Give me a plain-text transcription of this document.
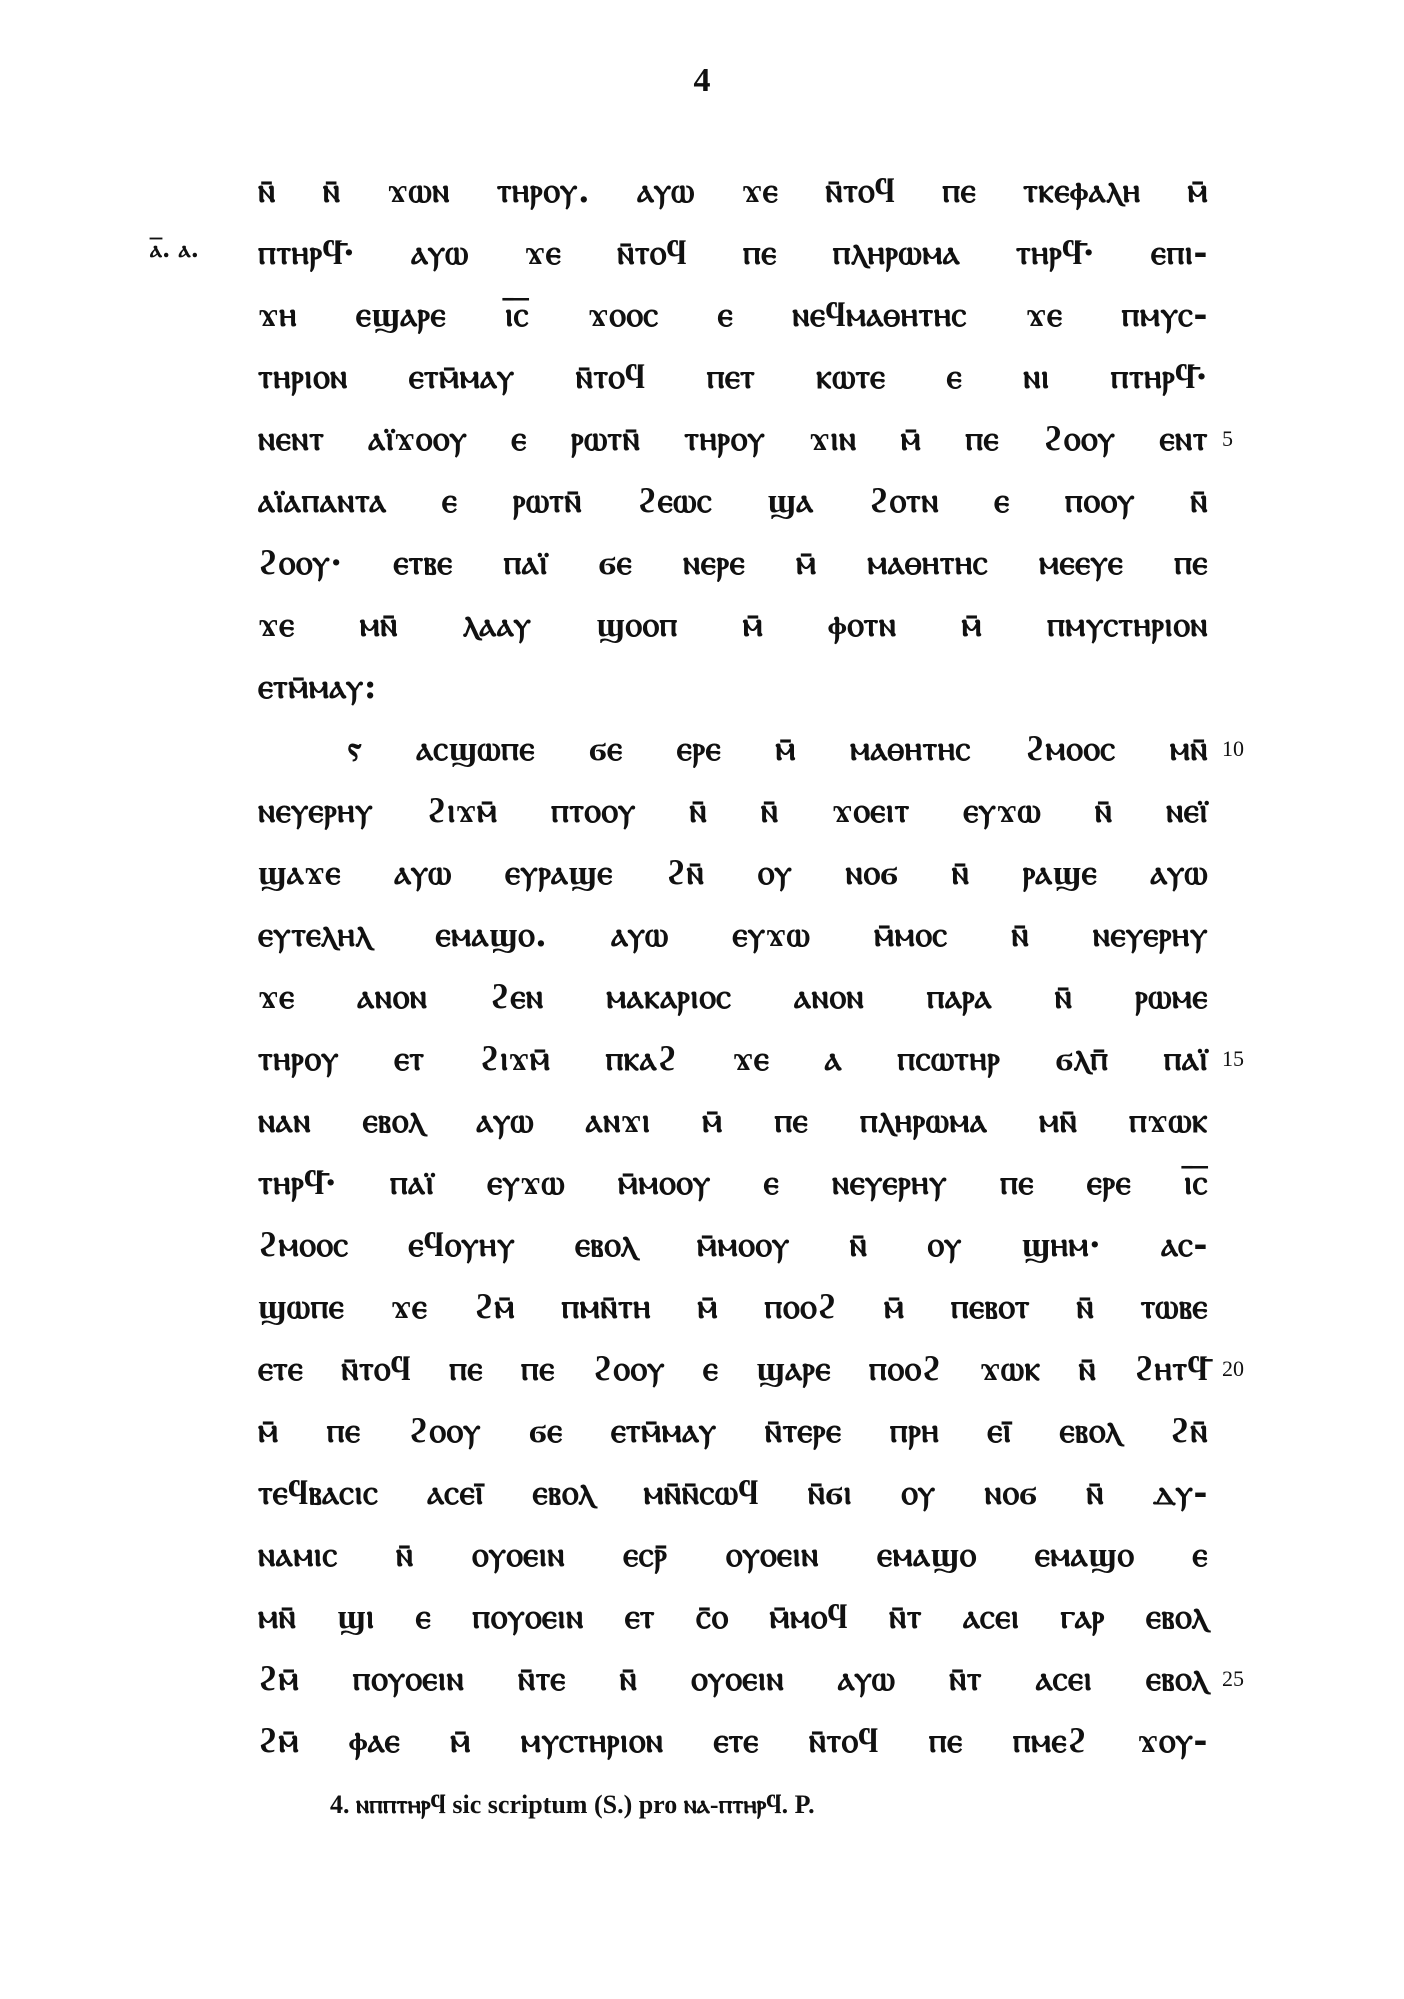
4
ⲁ̅. ⲁ.
ⲛ̄ ⲛ̄ ϫⲱⲛ ⲧⲏⲣⲟⲩ. ⲁⲩⲱ ϫⲉ ⲛ̄ⲧⲟϥ ⲡⲉ ⲧⲕⲉⲫⲁⲗⲏ ⲙ̄
ⲡⲧⲏⲣϥ̄· ⲁⲩⲱ ϫⲉ ⲛ̄ⲧⲟϥ ⲡⲉ ⲡⲗⲏⲣⲱⲙⲁ ⲧⲏⲣϥ̄· ⲉⲡⲓ-
ϫⲏ ⲉϣⲁⲣⲉ ⲓ̅ⲥ̅ ϫⲟⲟⲥ ⲉ ⲛⲉϥⲙⲁⲑⲏⲧⲏⲥ ϫⲉ ⲡⲙⲩⲥ-
ⲧⲏⲣⲓⲟⲛ ⲉⲧⲙ̄ⲙⲁⲩ ⲛ̄ⲧⲟϥ ⲡⲉⲧ ⲕⲱⲧⲉ ⲉ ⲛⲓ ⲡⲧⲏⲣϥ̄·
ⲛⲉⲛⲧ ⲁⲓ̈ϫⲟⲟⲩ ⲉ ⲣⲱⲧⲛ̄ ⲧⲏⲣⲟⲩ ϫⲓⲛ ⲙ̄ ⲡⲉ ϩⲟⲟⲩ ⲉⲛⲧ
ⲁⲓ̈ⲁⲡⲁⲛⲧⲁ ⲉ ⲣⲱⲧⲛ̄ ϩⲉⲱⲥ ϣⲁ ϩⲟⲧⲛ ⲉ ⲡⲟⲟⲩ ⲛ̄
ϩⲟⲟⲩ· ⲉⲧⲃⲉ ⲡⲁⲓ̈ ϭⲉ ⲛⲉⲣⲉ ⲙ̄ ⲙⲁⲑⲏⲧⲏⲥ ⲙⲉⲉⲩⲉ ⲡⲉ
ϫⲉ ⲙⲛ̄ ⲗⲁⲁⲩ ϣⲟⲟⲡ ⲙ̄ ⲫⲟⲧⲛ ⲙ̄ ⲡⲙⲩⲥⲧⲏⲣⲓⲟⲛ
ⲉⲧⲙ̄ⲙⲁⲩ:
ⲋ ⲁⲥϣⲱⲡⲉ ϭⲉ ⲉⲣⲉ ⲙ̄ ⲙⲁⲑⲏⲧⲏⲥ ϩⲙⲟⲟⲥ ⲙⲛ̄
ⲛⲉⲩⲉⲣⲏⲩ ϩⲓϫⲙ̄ ⲡⲧⲟⲟⲩ ⲛ̄ ⲛ̄ ϫⲟⲉⲓⲧ ⲉⲩϫⲱ ⲛ̄ ⲛⲉⲓ̈
ϣⲁϫⲉ ⲁⲩⲱ ⲉⲩⲣⲁϣⲉ ϩⲛ̄ ⲟⲩ ⲛⲟϭ ⲛ̄ ⲣⲁϣⲉ ⲁⲩⲱ
ⲉⲩⲧⲉⲗⲏⲗ ⲉⲙⲁϣⲟ. ⲁⲩⲱ ⲉⲩϫⲱ ⲙ̄ⲙⲟⲥ ⲛ̄ ⲛⲉⲩⲉⲣⲏⲩ
ϫⲉ ⲁⲛⲟⲛ ϩⲉⲛ ⲙⲁⲕⲁⲣⲓⲟⲥ ⲁⲛⲟⲛ ⲡⲁⲣⲁ ⲛ̄ ⲣⲱⲙⲉ
ⲧⲏⲣⲟⲩ ⲉⲧ ϩⲓϫⲙ̄ ⲡⲕⲁϩ ϫⲉ ⲁ ⲡⲥⲱⲧⲏⲣ ϭⲗⲡ̄ ⲡⲁⲓ̈
ⲛⲁⲛ ⲉⲃⲟⲗ ⲁⲩⲱ ⲁⲛϫⲓ ⲙ̄ ⲡⲉ ⲡⲗⲏⲣⲱⲙⲁ ⲙⲛ̄ ⲡϫⲱⲕ
ⲧⲏⲣϥ̄· ⲡⲁⲓ̈ ⲉⲩϫⲱ ⲙ̄ⲙⲟⲟⲩ ⲉ ⲛⲉⲩⲉⲣⲏⲩ ⲡⲉ ⲉⲣⲉ ⲓ̅ⲥ̅
ϩⲙⲟⲟⲥ ⲉϥⲟⲩⲏⲩ ⲉⲃⲟⲗ ⲙ̄ⲙⲟⲟⲩ ⲛ̄ ⲟⲩ ϣⲏⲙ· ⲁⲥ-
ϣⲱⲡⲉ ϫⲉ ϩⲙ̄ ⲡⲙⲛ̄ⲧⲏ ⲙ̄ ⲡⲟⲟϩ ⲙ̄ ⲡⲉⲃⲟⲧ ⲛ̄ ⲧⲱⲃⲉ
ⲉⲧⲉ ⲛ̄ⲧⲟϥ ⲡⲉ ⲡⲉ ϩⲟⲟⲩ ⲉ ϣⲁⲣⲉ ⲡⲟⲟϩ ϫⲱⲕ ⲛ̄ ϩⲏⲧϥ̄
ⲙ̄ ⲡⲉ ϩⲟⲟⲩ ϭⲉ ⲉⲧⲙ̄ⲙⲁⲩ ⲛ̄ⲧⲉⲣⲉ ⲡⲣⲏ ⲉⲓ̄ ⲉⲃⲟⲗ ϩⲛ̄
ⲧⲉϥⲃⲁⲥⲓⲥ ⲁⲥⲉⲓ̄ ⲉⲃⲟⲗ ⲙⲛ̄ⲛ̄ⲥⲱϥ ⲛ̄ϭⲓ ⲟⲩ ⲛⲟϭ ⲛ̄ ⲇⲩ-
ⲛⲁⲙⲓⲥ ⲛ̄ ⲟⲩⲟⲉⲓⲛ ⲉⲥⲣ̄ ⲟⲩⲟⲉⲓⲛ ⲉⲙⲁϣⲟ ⲉⲙⲁϣⲟ ⲉ
ⲙⲛ̄ ϣⲓ ⲉ ⲡⲟⲩⲟⲉⲓⲛ ⲉⲧ ⲥ̄ⲟ ⲙ̄ⲙⲟϥ ⲛ̄ⲧ ⲁⲥⲉⲓ ⲅⲁⲣ ⲉⲃⲟⲗ
ϩⲙ̄ ⲡⲟⲩⲟⲉⲓⲛ ⲛ̄ⲧⲉ ⲛ̄ ⲟⲩⲟⲉⲓⲛ ⲁⲩⲱ ⲛ̄ⲧ ⲁⲥⲉⲓ ⲉⲃⲟⲗ
ϩⲙ̄ ⲫⲁⲉ ⲙ̄ ⲙⲩⲥⲧⲏⲣⲓⲟⲛ ⲉⲧⲉ ⲛ̄ⲧⲟϥ ⲡⲉ ⲡⲙⲉϩ ϫⲟⲩ-
5
10
15
20
25
4. ⲛⲡⲡⲧⲏⲣϥ sic scriptum (S.) pro ⲛⲁ-ⲡⲧⲏⲣϥ. P.
